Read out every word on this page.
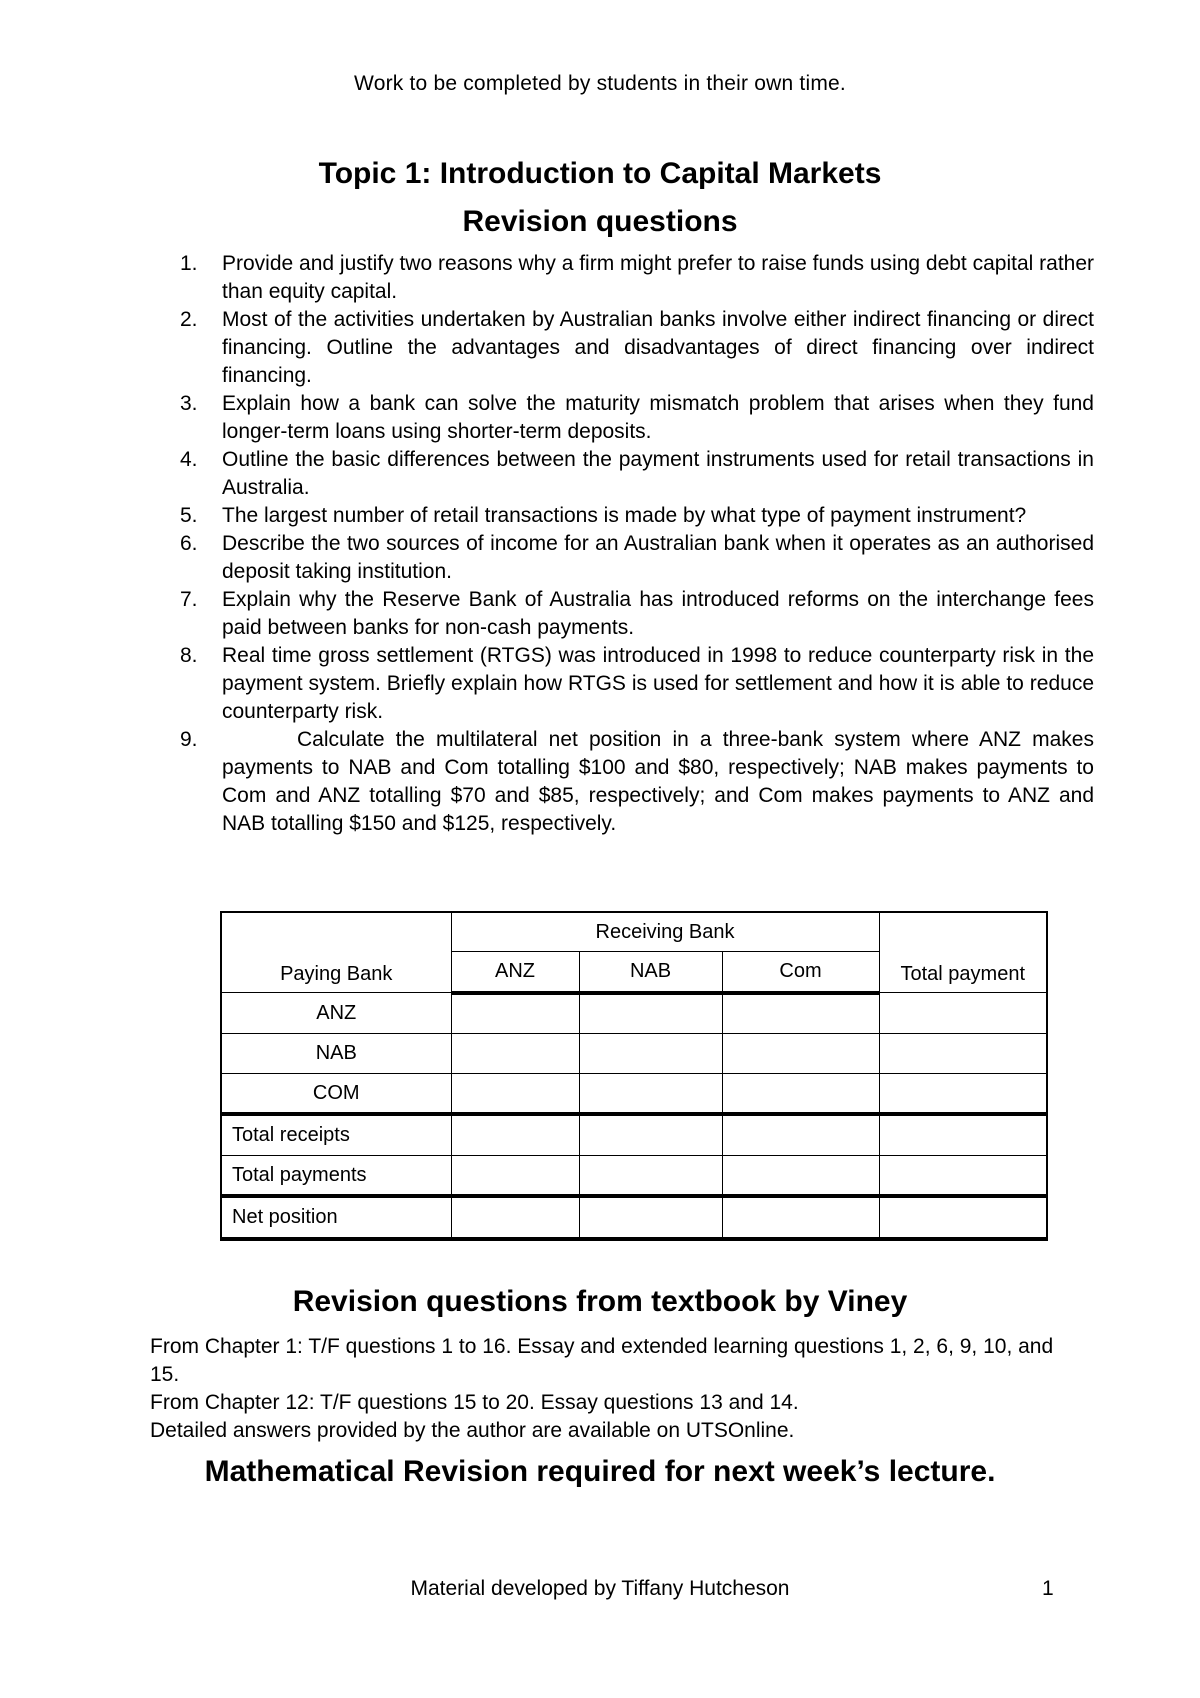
Work to be completed by students in their own time.
Topic 1: Introduction to Capital Markets
Revision questions
1.	Provide and justify two reasons why a firm might prefer to raise funds using debt capital rather than equity capital.
2.	Most of the activities undertaken by Australian banks involve either indirect financing or direct financing. Outline the advantages and disadvantages of direct financing over indirect financing.
3.	Explain how a bank can solve the maturity mismatch problem that arises when they fund longer-term loans using shorter-term deposits.
4.	Outline the basic differences between the payment instruments used for retail transactions in Australia.
5.	The largest number of retail transactions is made by what type of payment instrument?
6.	Describe the two sources of income for an Australian bank when it operates as an authorised deposit taking institution.
7.	Explain why the Reserve Bank of Australia has introduced reforms on the interchange fees paid between banks for non-cash payments.
8.	Real time gross settlement (RTGS) was introduced in 1998 to reduce counterparty risk in the payment system. Briefly explain how RTGS is used for settlement and how it is able to reduce counterparty risk.
9.	Calculate the multilateral net position in a three-bank system where ANZ makes payments to NAB and Com totalling $100 and $80, respectively; NAB makes payments to Com and ANZ totalling $70 and $85, respectively; and Com makes payments to ANZ and NAB totalling $150 and $125, respectively.
Paying Bank	Receiving Bank			Total payment
	ANZ	NAB	Com	
ANZ				
NAB				
COM				
Total receipts				
Total payments				
Net position				
Revision questions from textbook by Viney

From Chapter 1: T/F questions 1 to 16. Essay and extended learning questions 1, 2, 6, 9, 10, and 15.

From Chapter 12: T/F questions 15 to 20. Essay questions 13 and 14.

Detailed answers provided by the author are available on UTSOnline.

Mathematical Revision required for next week’s lecture.
Material developed by Tiffany Hutcheson	1
